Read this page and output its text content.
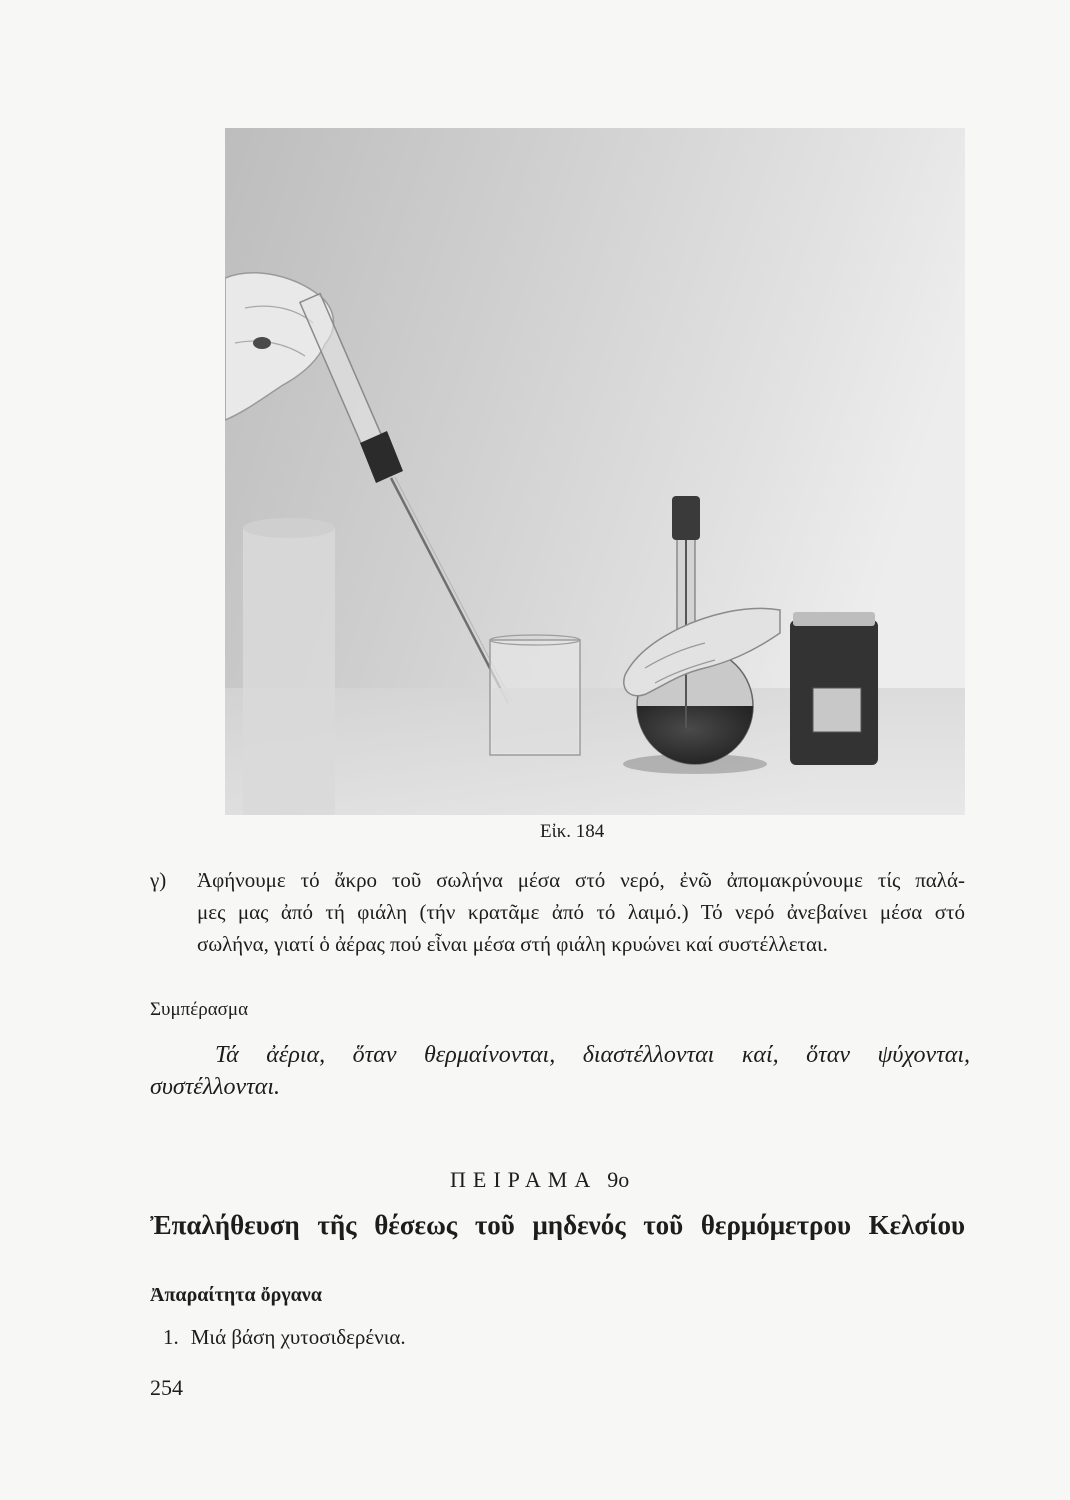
Εἰκ. 184
γ) Ἀφήνουμε τό ἄκρο τοῦ σωλήνα μέσα στό νερό, ἐνῶ ἀπομακρύνουμε τίς παλά-
μες μας ἀπό τή φιάλη (τήν κρατᾶμε ἀπό τό λαιμό.) Τό νερό ἀνεβαίνει μέσα στό
σωλήνα, γιατί ὁ ἀέρας πού εἶναι μέσα στή φιάλη κρυώνει καί συστέλλεται.
Συμπέρασμα
Τά ἀέρια, ὅταν θερμαίνονται, διαστέλλονται καί, ὅταν ψύχονται,
συστέλλονται.
ΠΕΙΡΑΜΑ 9ο
Ἐπαλήθευση τῆς θέσεως τοῦ μηδενός τοῦ θερμόμετρου Κελσίου
Ἀπαραίτητα ὄργανα
1. Μιά βάση χυτοσιδερένια.
254
